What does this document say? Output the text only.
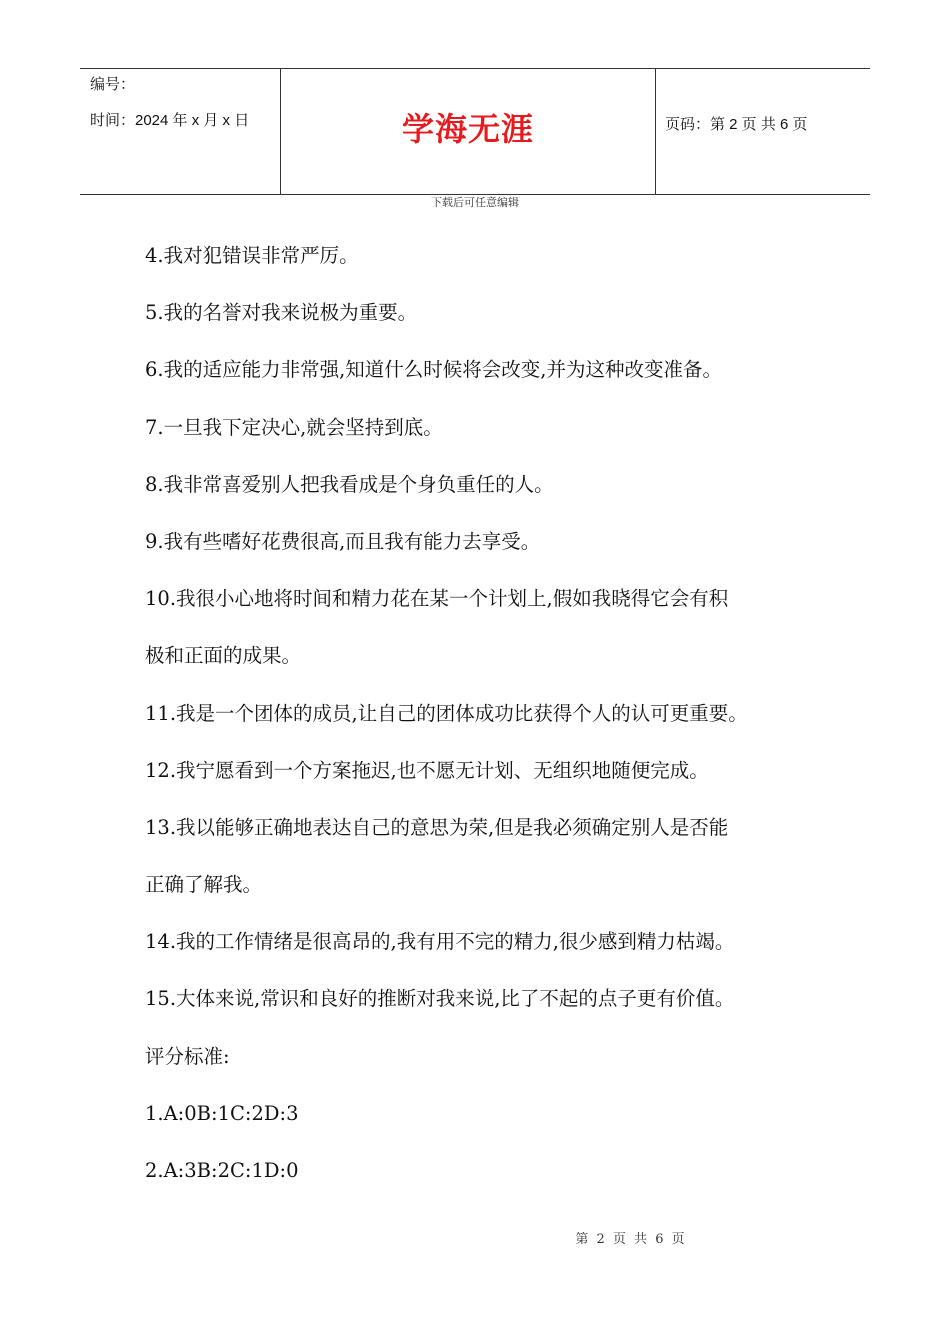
编号：
时间：2024 年 x 月 x 日	学海无涯	页码：第 2 页 共 6 页
下载后可任意编辑
4.我对犯错误非常严厉。
5.我的名誉对我来说极为重要。
6.我的适应能力非常强,知道什么时候将会改变,并为这种改变准备。
7.一旦我下定决心,就会坚持到底。
8.我非常喜爱别人把我看成是个身负重任的人。
9.我有些嗜好花费很高,而且我有能力去享受。
10.我很小心地将时间和精力花在某一个计划上,假如我晓得它会有积
极和正面的成果。
11.我是一个团体的成员,让自己的团体成功比获得个人的认可更重要。
12.我宁愿看到一个方案拖迟,也不愿无计划、无组织地随便完成。
13.我以能够正确地表达自己的意思为荣,但是我必须确定别人是否能
正确了解我。
14.我的工作情绪是很高昂的,我有用不完的精力,很少感到精力枯竭。
15.大体来说,常识和良好的推断对我来说,比了不起的点子更有价值。
评分标准:
1.A:0B:1C:2D:3
2.A:3B:2C:1D:0
第 2 页 共 6 页
